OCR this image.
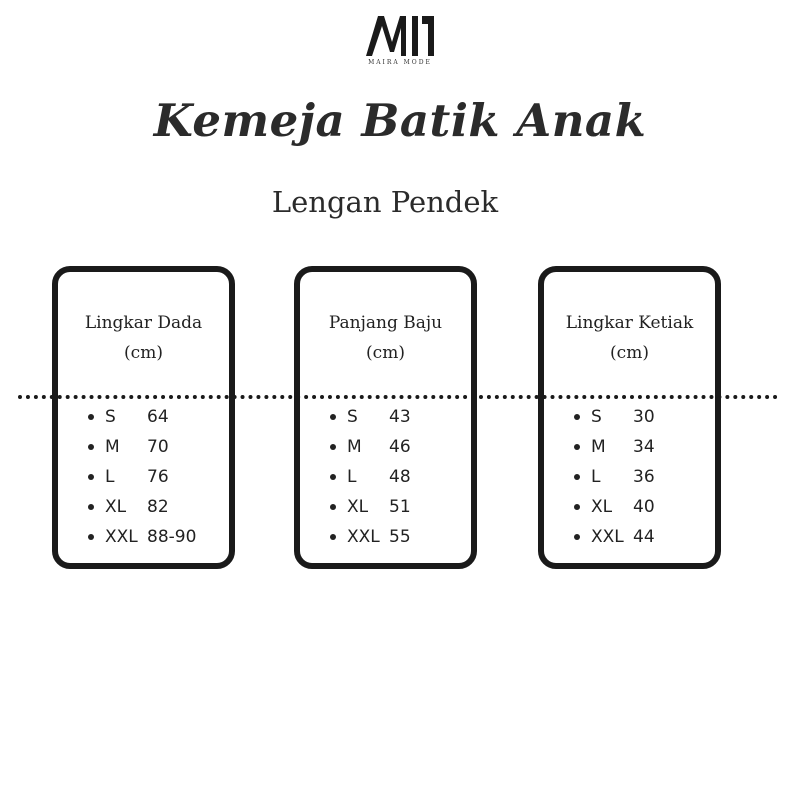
MAIRA MODE
Kemeja Batik Anak
Lengan Pendek
Lingkar Dada
(cm)
S	64
M	70
L	76
XL	82
XXL 88-90
Panjang Baju
(cm)
S	43
M	46
L	48
XL	51
XXL 55
Lingkar Ketiak
(cm)
S	30
M	34
L	36
XL	40
XXL 44
